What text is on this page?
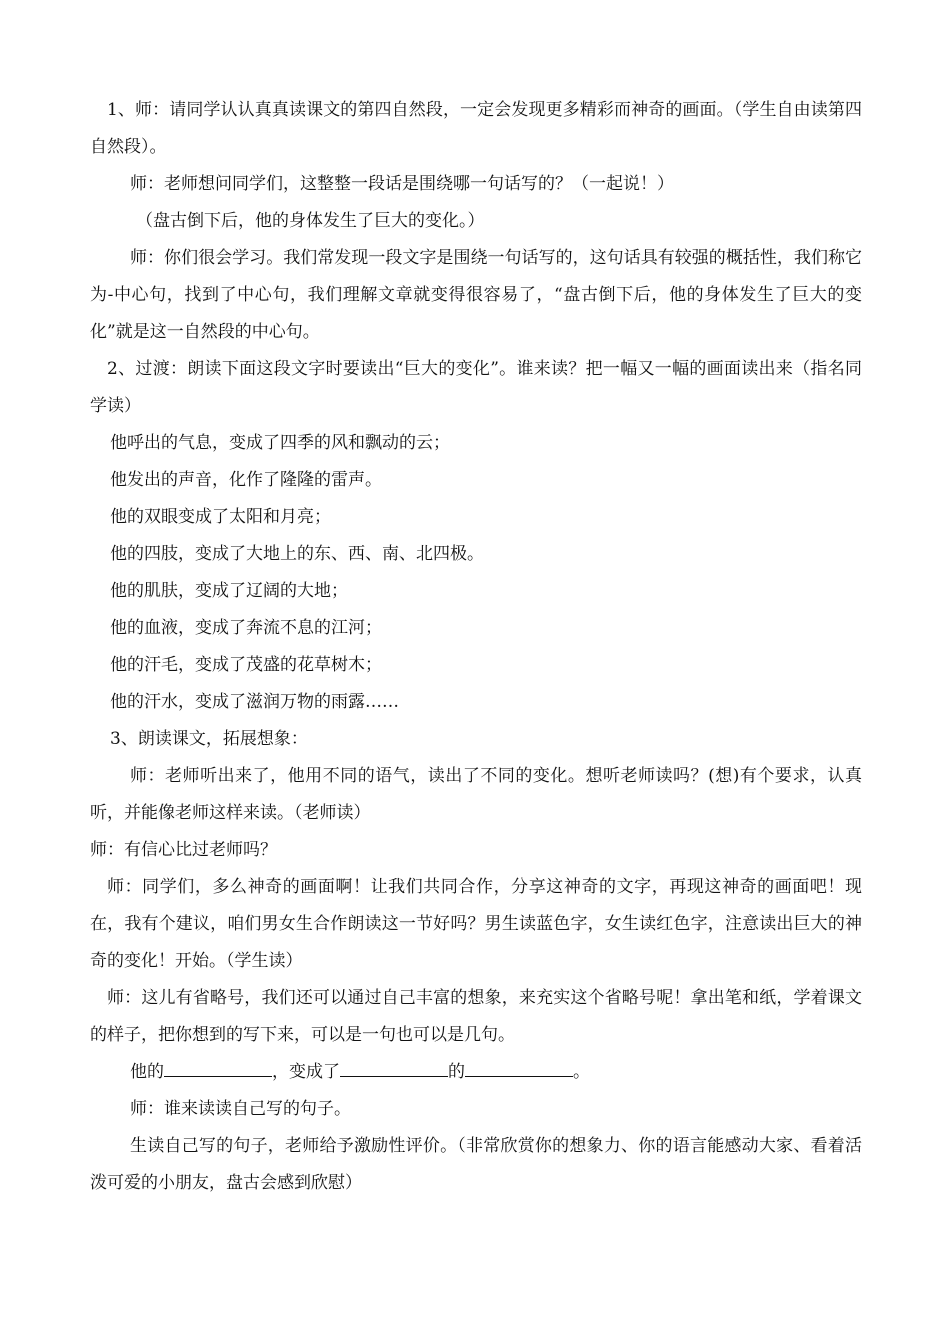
1、师：请同学认认真真读课文的第四自然段，一定会发现更多精彩而神奇的画面。（学生自由读第四自然段）。

师：老师想问同学们，这整整一段话是围绕哪一句话写的？（一起说！）

（盘古倒下后，他的身体发生了巨大的变化。）

师：你们很会学习。我们常发现一段文字是围绕一句话写的，这句话具有较强的概括性，我们称它为-中心句，找到了中心句，我们理解文章就变得很容易了，“盘古倒下后，他的身体发生了巨大的变化”就是这一自然段的中心句。

2、过渡：朗读下面这段文字时要读出“巨大的变化”。谁来读？把一幅又一幅的画面读出来（指名同学读）

他呼出的气息，变成了四季的风和飘动的云；

他发出的声音，化作了隆隆的雷声。

他的双眼变成了太阳和月亮；

他的四肢，变成了大地上的东、西、南、北四极。

他的肌肤，变成了辽阔的大地；

他的血液，变成了奔流不息的江河；

他的汗毛，变成了茂盛的花草树木；

他的汗水，变成了滋润万物的雨露……

3、朗读课文，拓展想象：

师：老师听出来了，他用不同的语气，读出了不同的变化。想听老师读吗？(想)有个要求，认真听，并能像老师这样来读。（老师读）

师：有信心比过老师吗？

师：同学们，多么神奇的画面啊！让我们共同合作，分享这神奇的文字，再现这神奇的画面吧！现在，我有个建议，咱们男女生合作朗读这一节好吗？男生读蓝色字，女生读红色字，注意读出巨大的神奇的变化！开始。（学生读）

师：这儿有省略号，我们还可以通过自己丰富的想象，来充实这个省略号呢！拿出笔和纸，学着课文的样子，把你想到的写下来，可以是一句也可以是几句。

他的	，变成了	的	。

师：谁来读读自己写的句子。

生读自己写的句子，老师给予激励性评价。（非常欣赏你的想象力、你的语言能感动大家、看着活泼可爱的小朋友，盘古会感到欣慰）
